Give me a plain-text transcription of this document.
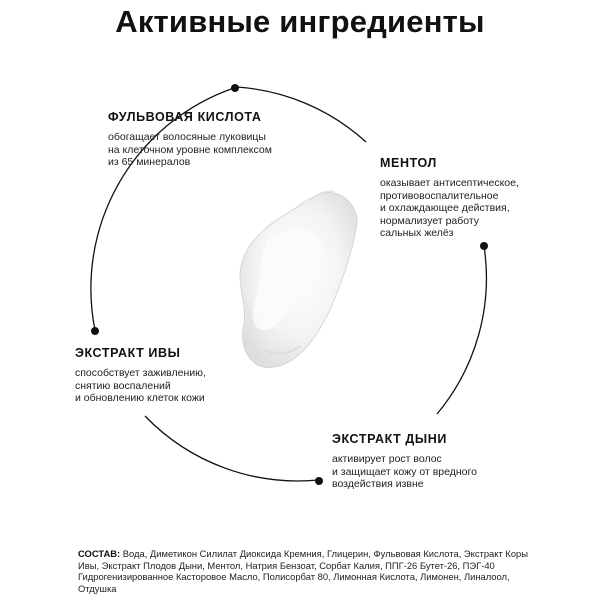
Активные ингредиенты

ФУЛЬВОВАЯ КИСЛОТА

обогащает волосяные луковицы
на клеточном уровне комплексом
из 65 минералов	МЕНТОЛ

оказывает антисептическое,
противовоспалительное
и охлаждающее действия,
нормализует работу
сальных желёз

ЭКСТРАКТ ИВЫ

способствует заживлению,
снятию воспалений
и обновлению клеток кожи

ЭКСТРАКТ ДЫНИ

активирует рост волос
и защищает кожу от вредного
воздействия извне

СОСТАВ: Вода, Диметикон Силилат Диоксида Кремния, Глицерин, Фульвовая Кислота, Экстракт Коры Ивы, Экстракт Плодов Дыни, Ментол, Натрия Бензоат, Сорбат Калия, ППГ-26 Бутет-26, ПЭГ-40 Гидрогенизированное Касторовое Масло, Полисорбат 80, Лимонная Кислота, Лимонен, Линалоол, Отдушка
